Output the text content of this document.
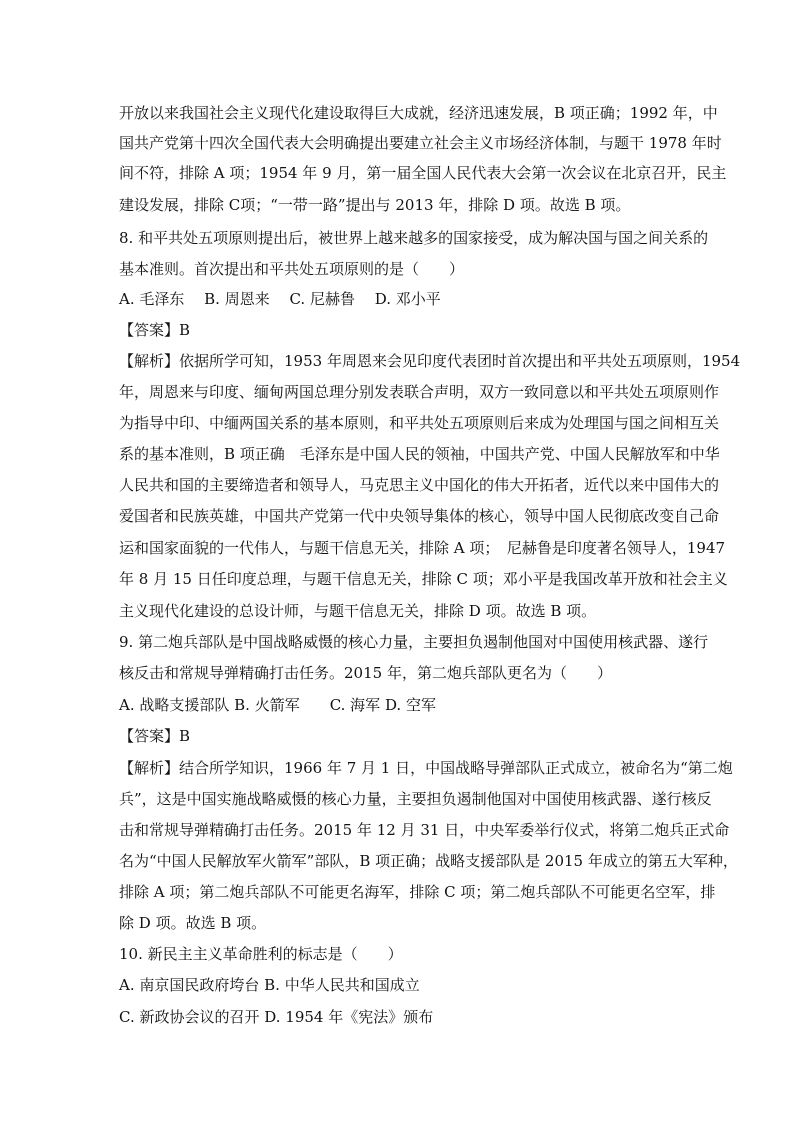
开放以来我国社会主义现代化建设取得巨大成就，经济迅速发展，B 项正确；1992 年，中
国共产党第十四次全国代表大会明确提出要建立社会主义市场经济体制，与题干 1978 年时
间不符，排除 A 项；1954 年 9 月，第一届全国人民代表大会第一次会议在北京召开，民主
建设发展，排除 C项；“一带一路”提出与 2013 年，排除 D 项。故选 B 项。
8. 和平共处五项原则提出后，被世界上越来越多的国家接受，成为解决国与国之间关系的
基本准则。首次提出和平共处五项原则的是（　　）
A. 毛泽东　 B. 周恩来　 C. 尼赫鲁　 D. 邓小平
【答案】B
【解析】依据所学可知，1953 年周恩来会见印度代表团时首次提出和平共处五项原则，1954
年，周恩来与印度、缅甸两国总理分别发表联合声明，双方一致同意以和平共处五项原则作
为指导中印、中缅两国关系的基本原则，和平共处五项原则后来成为处理国与国之间相互关
系的基本准则，B 项正确　毛泽东是中国人民的领袖，中国共产党、中国人民解放军和中华
人民共和国的主要缔造者和领导人，马克思主义中国化的伟大开拓者，近代以来中国伟大的
爱国者和民族英雄，中国共产党第一代中央领导集体的核心，领导中国人民彻底改变自己命
运和国家面貌的一代伟人，与题干信息无关，排除 A 项；　尼赫鲁是印度著名领导人，1947
年 8 月 15 日任印度总理，与题干信息无关，排除 C 项；邓小平是我国改革开放和社会主义
主义现代化建设的总设计师，与题干信息无关，排除 D 项。故选 B 项。
9. 第二炮兵部队是中国战略威慑的核心力量，主要担负遏制他国对中国使用核武器、遂行
核反击和常规导弹精确打击任务。2015 年，第二炮兵部队更名为（　　）
A. 战略支援部队 B. 火箭军　　C. 海军 D. 空军
【答案】B
【解析】结合所学知识，1966 年 7 月 1 日，中国战略导弹部队正式成立，被命名为“第二炮
兵”，这是中国实施战略威慑的核心力量，主要担负遏制他国对中国使用核武器、遂行核反
击和常规导弹精确打击任务。2015 年 12 月 31 日，中央军委举行仪式，将第二炮兵正式命
名为“中国人民解放军火箭军”部队，B 项正确；战略支援部队是 2015 年成立的第五大军种，
排除 A 项；第二炮兵部队不可能更名海军，排除 C 项；第二炮兵部队不可能更名空军，排
除 D 项。故选 B 项。
10. 新民主主义革命胜利的标志是（　　）
A. 南京国民政府垮台 B. 中华人民共和国成立
C. 新政协会议的召开 D. 1954 年《宪法》颁布
